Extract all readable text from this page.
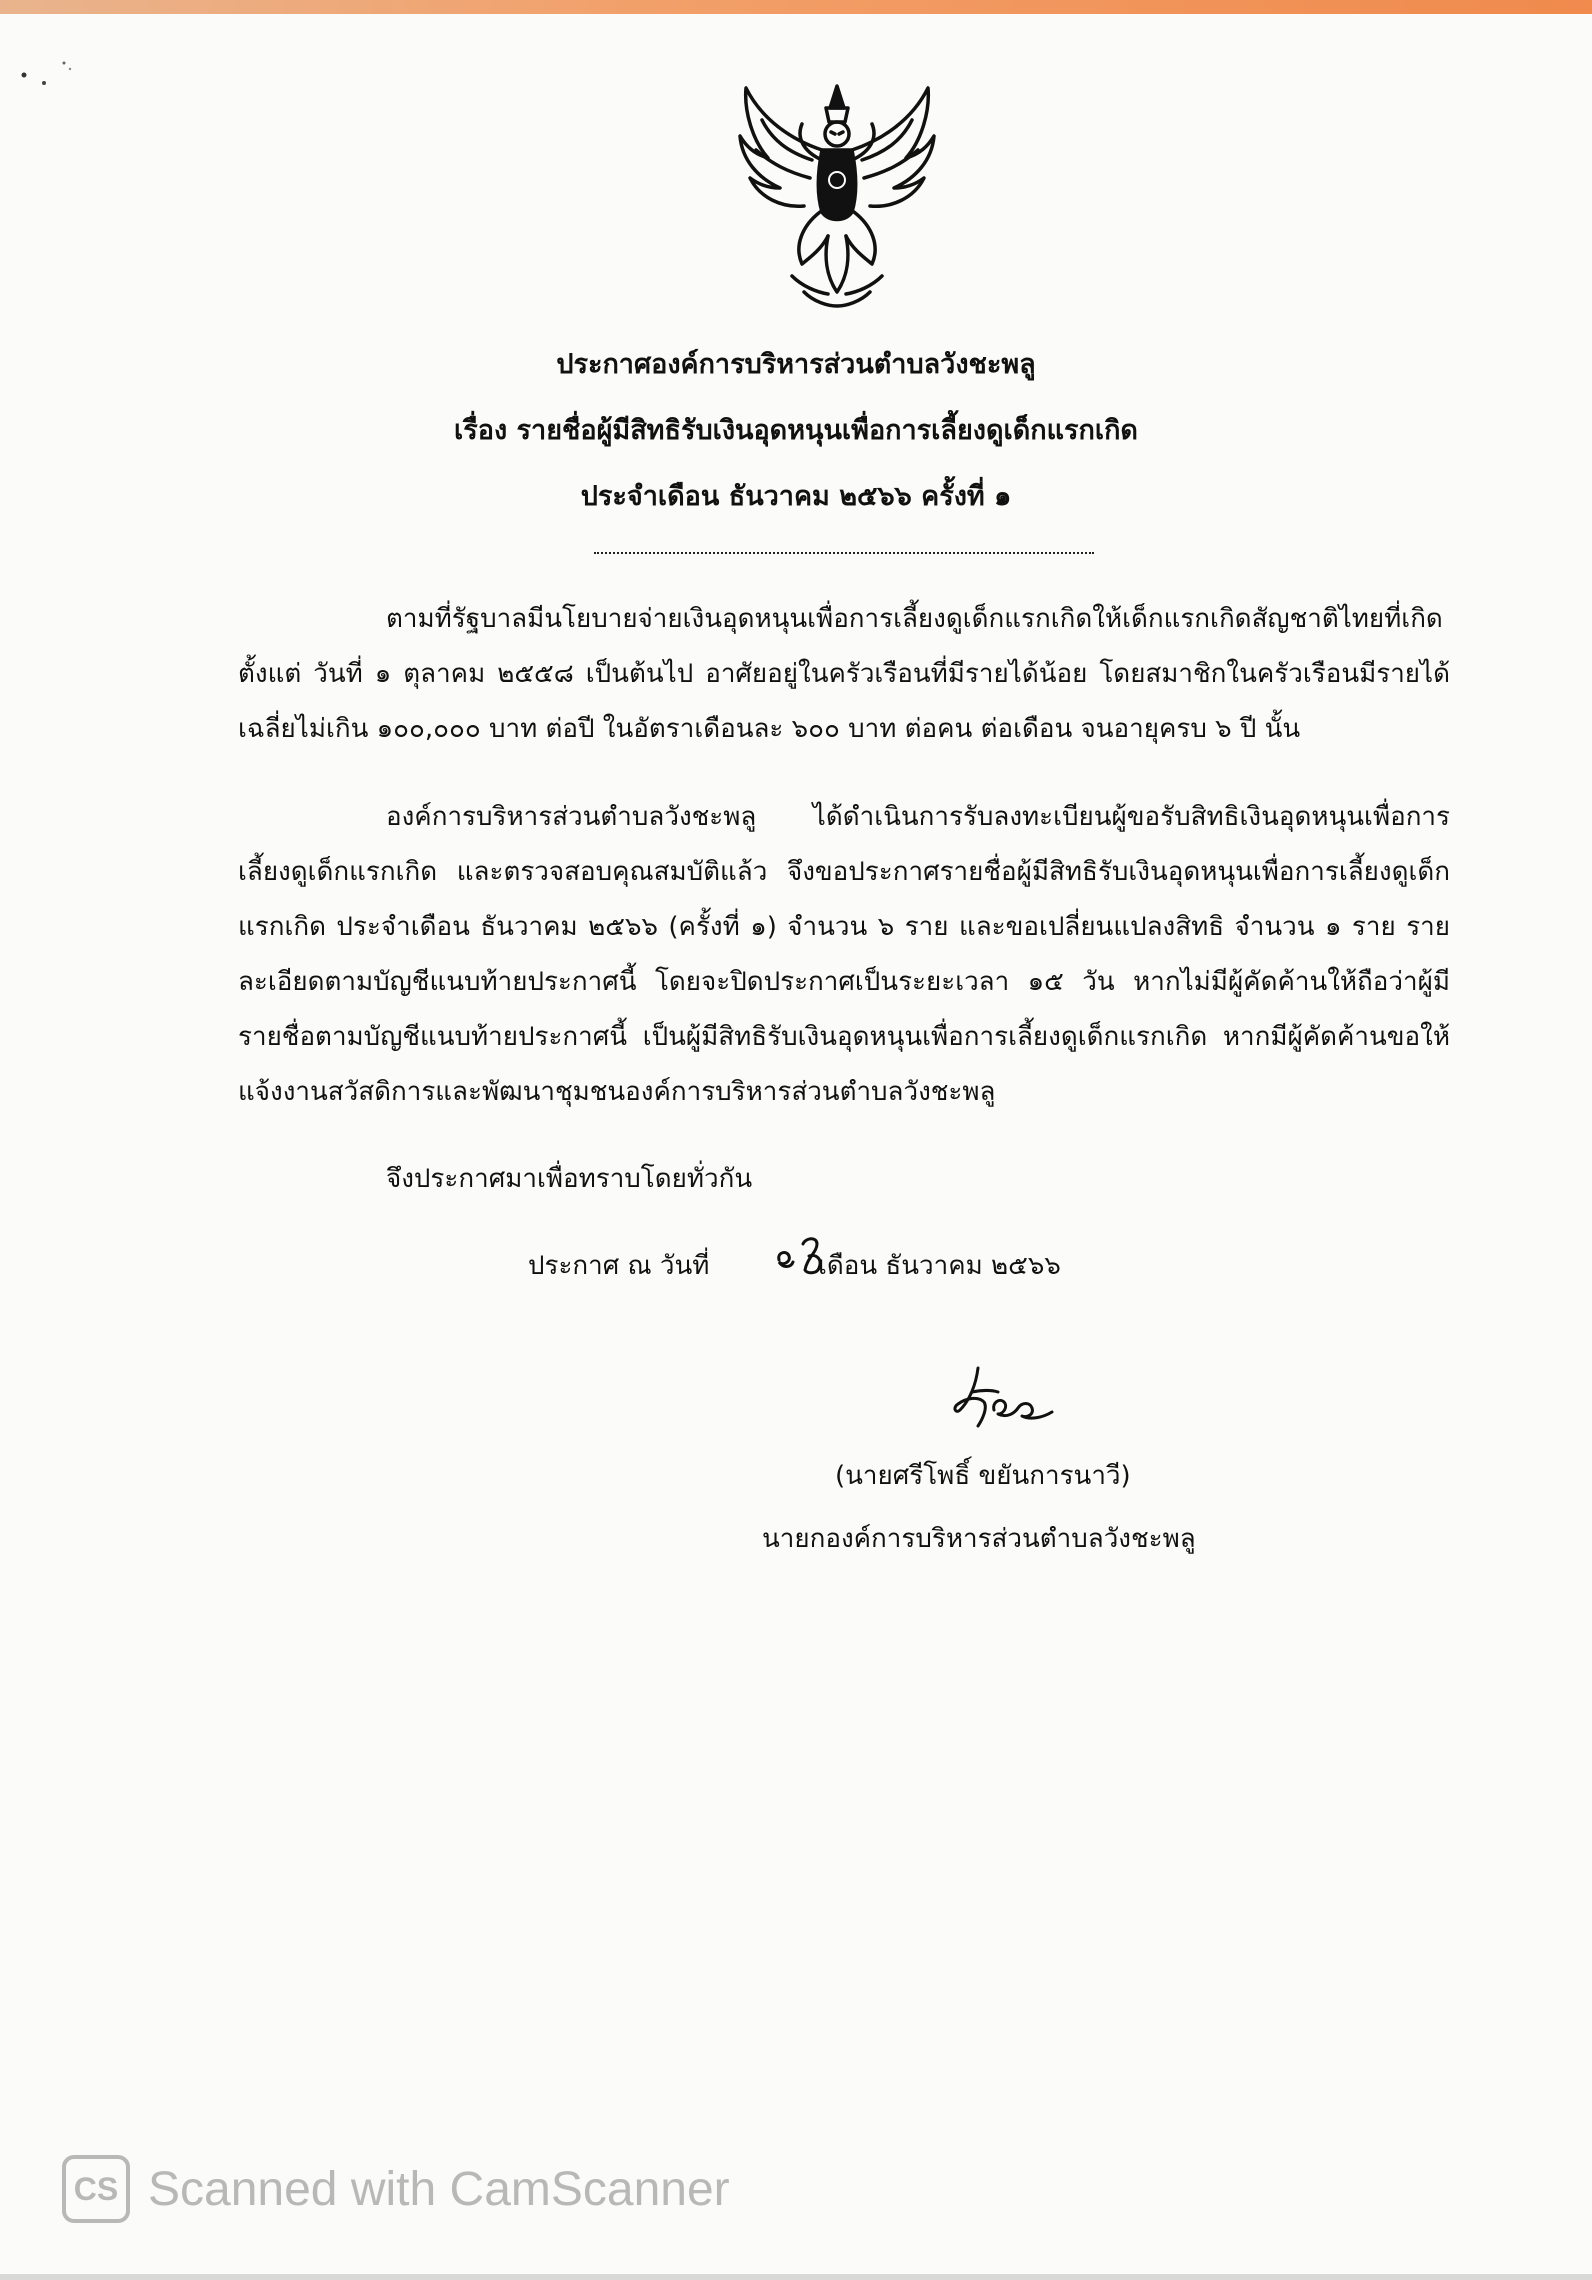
ประกาศองค์การบริหารส่วนตำบลวังชะพลู
เรื่อง รายชื่อผู้มีสิทธิรับเงินอุดหนุนเพื่อการเลี้ยงดูเด็กแรกเกิด
ประจำเดือน ธันวาคม ๒๕๖๖ ครั้งที่ ๑
ตามที่รัฐบาลมีนโยบายจ่ายเงินอุดหนุนเพื่อการเลี้ยงดูเด็กแรกเกิดให้เด็กแรกเกิดสัญชาติไทยที่เกิดตั้งแต่ วันที่ ๑ ตุลาคม ๒๕๕๘ เป็นต้นไป อาศัยอยู่ในครัวเรือนที่มีรายได้น้อย โดยสมาชิกในครัวเรือนมีรายได้เฉลี่ยไม่เกิน ๑๐๐,๐๐๐ บาท ต่อปี ในอัตราเดือนละ ๖๐๐ บาท ต่อคน ต่อเดือน จนอายุครบ ๖ ปี นั้น
องค์การบริหารส่วนตำบลวังชะพลู ได้ดำเนินการรับลงทะเบียนผู้ขอรับสิทธิเงินอุดหนุนเพื่อการเลี้ยงดูเด็กแรกเกิด และตรวจสอบคุณสมบัติแล้ว จึงขอประกาศรายชื่อผู้มีสิทธิรับเงินอุดหนุนเพื่อการเลี้ยงดูเด็กแรกเกิด ประจำเดือน ธันวาคม ๒๕๖๖ (ครั้งที่ ๑) จำนวน ๖ ราย และขอเปลี่ยนแปลงสิทธิ จำนวน ๑ ราย รายละเอียดตามบัญชีแนบท้ายประกาศนี้ โดยจะปิดประกาศเป็นระยะเวลา ๑๕ วัน หากไม่มีผู้คัดค้านให้ถือว่าผู้มีรายชื่อตามบัญชีแนบท้ายประกาศนี้ เป็นผู้มีสิทธิรับเงินอุดหนุนเพื่อการเลี้ยงดูเด็กแรกเกิด หากมีผู้คัดค้านขอให้แจ้งงานสวัสดิการและพัฒนาชุมชนองค์การบริหารส่วนตำบลวังชะพลู
จึงประกาศมาเพื่อทราบโดยทั่วกัน
ประกาศ ณ วันที่	เดือน ธันวาคม ๒๕๖๖
(นายศรีโพธิ์ ขยันการนาวี)
นายกองค์การบริหารส่วนตำบลวังชะพลู
CS Scanned with CamScanner
